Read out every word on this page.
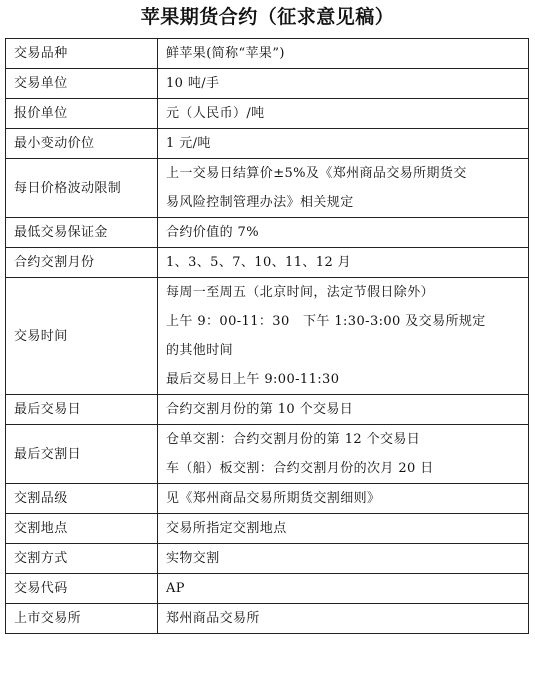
苹果期货合约（征求意见稿）
交易品种	鲜苹果(简称“苹果”)

交易单位	10 吨/手

报价单位	元（人民币）/吨

最小变动价位	1 元/吨

每日价格波动限制	上一交易日结算价±5%及《郑州商品交易所期货交
易风险控制管理办法》相关规定

最低交易保证金	合约价值的 7%

合约交割月份	1、3、5、7、10、11、12 月

交易时间	每周一至周五（北京时间，法定节假日除外）
上午 9：00-11：30　下午 1:30-3:00 及交易所规定
的其他时间
最后交易日上午 9:00-11:30

最后交易日	合约交割月份的第 10 个交易日

最后交割日	仓单交割：合约交割月份的第 12 个交易日
车（船）板交割：合约交割月份的次月 20 日

交割品级	见《郑州商品交易所期货交割细则》

交割地点	交易所指定交割地点

交割方式	实物交割

交易代码	AP

上市交易所	郑州商品交易所
